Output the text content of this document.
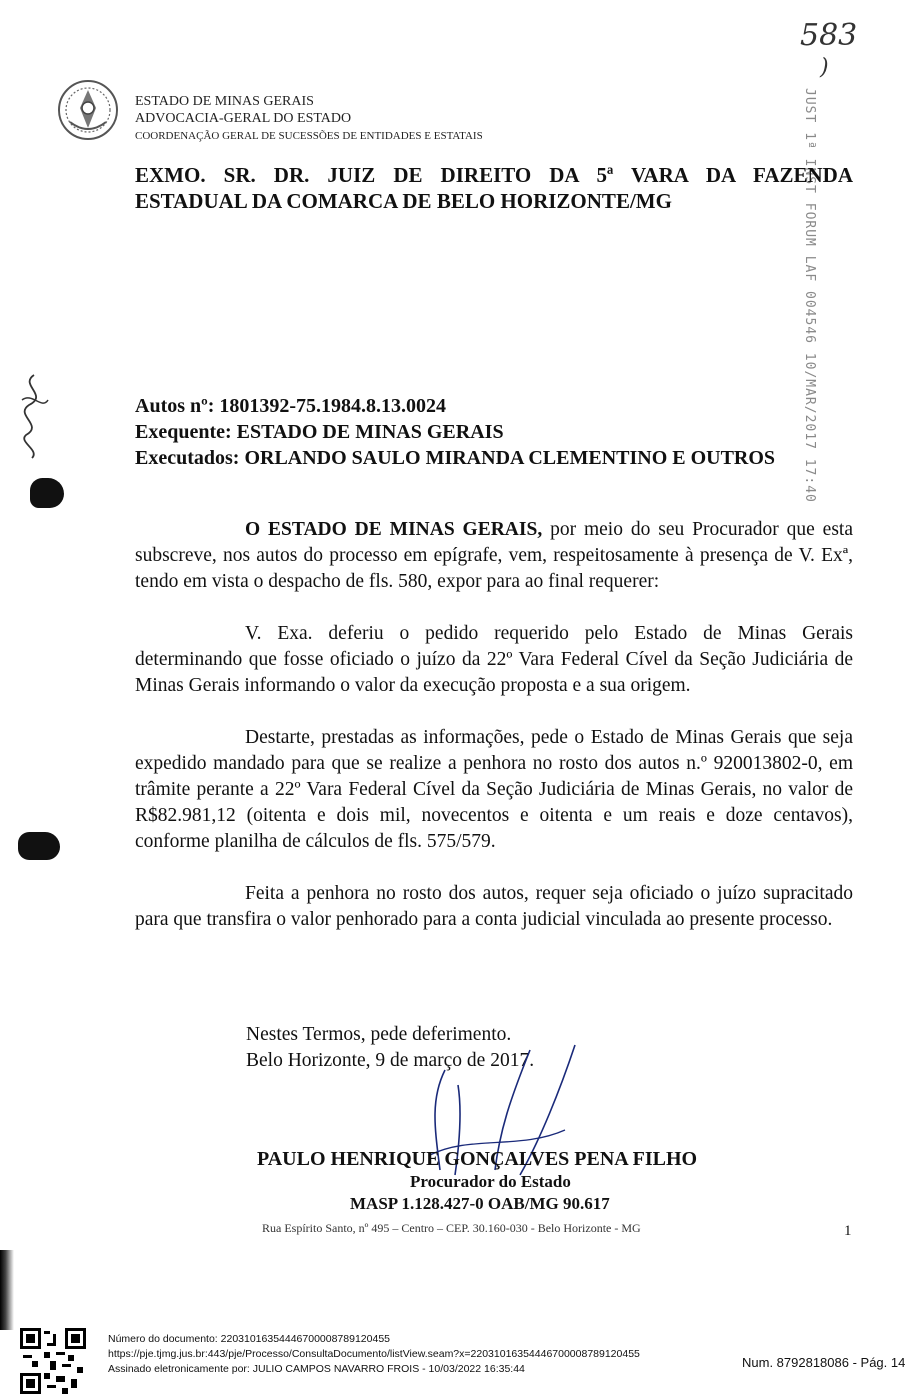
583
)
JUST 1ª INST FORUM LAF 004546 10/MAR/2017 17:40
ESTADO DE MINAS GERAIS
ADVOCACIA-GERAL DO ESTADO
COORDENAÇÃO GERAL DE SUCESSÕES DE ENTIDADES E ESTATAIS
EXMO. SR. DR. JUIZ DE DIREITO DA 5ª VARA DA FAZENDA
ESTADUAL DA COMARCA DE BELO HORIZONTE/MG
Autos nº: 1801392-75.1984.8.13.0024
Exequente: ESTADO DE MINAS GERAIS
Executados: ORLANDO SAULO MIRANDA CLEMENTINO E OUTROS

O ESTADO DE MINAS GERAIS, por meio do seu Procurador que esta subscreve, nos autos do processo em epígrafe, vem, respeitosamente à presença de V. Exª, tendo em vista o despacho de fls. 580, expor para ao final requerer:

V. Exa. deferiu o pedido requerido pelo Estado de Minas Gerais determinando que fosse oficiado o juízo da 22º Vara Federal Cível da Seção Judiciária de Minas Gerais informando o valor da execução proposta e a sua origem.

Destarte, prestadas as informações, pede o Estado de Minas Gerais que seja expedido mandado para que se realize a penhora no rosto dos autos n.º 920013802-0, em trâmite perante a 22º Vara Federal Cível da Seção Judiciária de Minas Gerais, no valor de R$82.981,12 (oitenta e dois mil, novecentos e oitenta e um reais e doze centavos), conforme planilha de cálculos de fls. 575/579.

Feita a penhora no rosto dos autos, requer seja oficiado o juízo supracitado para que transfira o valor penhorado para a conta judicial vinculada ao presente processo.

Nestes Termos, pede deferimento.
Belo Horizonte, 9 de março de 2017.
PAULO HENRIQUE GONÇALVES PENA FILHO
Procurador do Estado
MASP 1.128.427-0 OAB/MG 90.617
Rua Espírito Santo, nº 495 – Centro – CEP. 30.160-030 - Belo Horizonte - MG	1
Número do documento: 22031016354446700008789120455
https://pje.tjmg.jus.br:443/pje/Processo/ConsultaDocumento/listView.seam?x=22031016354446700008789120455
Assinado eletronicamente por: JULIO CAMPOS NAVARRO FROIS - 10/03/2022 16:35:44	Num. 8792818086 - Pág. 14
